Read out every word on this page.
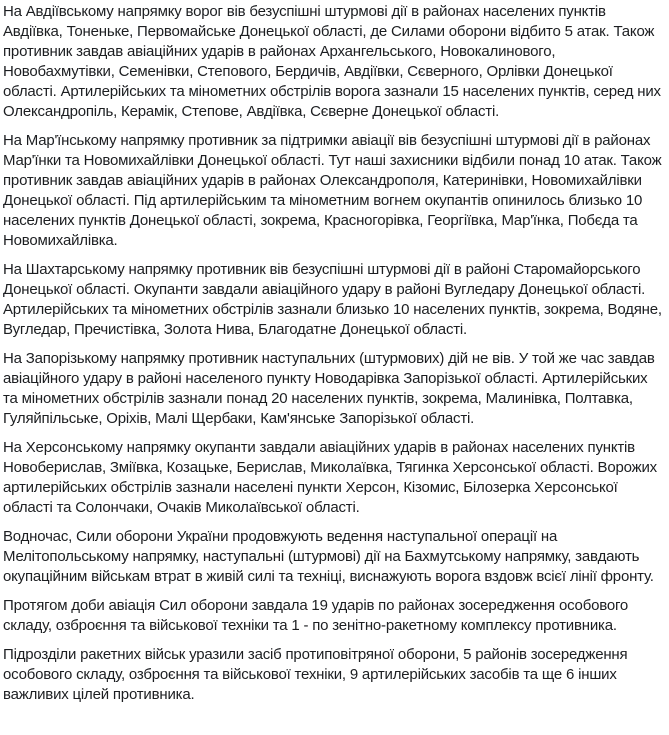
На Авдіївському напрямку ворог вів безуспішні штурмові дії в районах населених пунктів Авдіївка, Тоненьке, Первомайське Донецької області, де Силами оборони відбито 5 атак. Також противник завдав авіаційних ударів в районах Архангельського, Новокалинового, Новобахмутівки, Семенівки, Степового, Бердичів, Авдіївки, Сєверного, Орлівки Донецької області. Артилерійських та мінометних обстрілів ворога зазнали 15 населених пунктів, серед них Олександропіль, Керамік, Степове, Авдіївка, Сєверне Донецької області.

На Мар'їнському напрямку противник за підтримки авіації вів безуспішні штурмові дії в районах Мар'їнки та Новомихайлівки Донецької області. Тут наші захисники відбили понад 10 атак. Також противник завдав авіаційних ударів в районах Олександрополя, Катеринівки, Новомихайлівки Донецької області. Під артилерійським та мінометним вогнем окупантів опинилось близько 10 населених пунктів Донецької області, зокрема, Красногорівка, Георгіївка, Мар'їнка, Побєда та Новомихайлівка.

На Шахтарському напрямку противник вів безуспішні штурмові дії в районі Старомайорського Донецької області. Окупанти завдали авіаційного удару в районі Вугледару Донецької області. Артилерійських та мінометних обстрілів зазнали близько 10 населених пунктів, зокрема, Водяне, Вугледар, Пречистівка, Золота Нива, Благодатне Донецької області.

На Запорізькому напрямку противник наступальних (штурмових) дій не вів. У той же час завдав авіаційного удару в районі населеного пункту Новодарівка Запорізької області. Артилерійських та мінометних обстрілів зазнали понад 20 населених пунктів, зокрема, Малинівка, Полтавка, Гуляйпільське, Оріхів, Малі Щербаки, Кам'янське Запорізької області.

На Херсонському напрямку окупанти завдали авіаційних ударів в районах населених пунктів Новоберислав, Зміївка, Козацьке, Берислав, Миколаївка, Тягинка Херсонської області. Ворожих артилерійських обстрілів зазнали населені пункти Херсон, Кізомис, Білозерка Херсонської області та Солончаки, Очаків Миколаївської області.

Водночас, Сили оборони України продовжують ведення наступальної операції на Мелітопольському напрямку, наступальні (штурмові) дії на Бахмутському напрямку, завдають окупаційним військам втрат в живій силі та техніці, виснажують ворога вздовж всієї лінії фронту.

Протягом доби авіація Сил оборони завдала 19 ударів по районах зосередження особового складу, озброєння та військової техніки та 1 - по зенітно-ракетному комплексу противника.

Підрозділи ракетних військ уразили засіб протиповітряної оборони, 5 районів зосередження особового складу, озброєння та військової техніки, 9 артилерійських засобів та ще 6 інших важливих цілей противника.
